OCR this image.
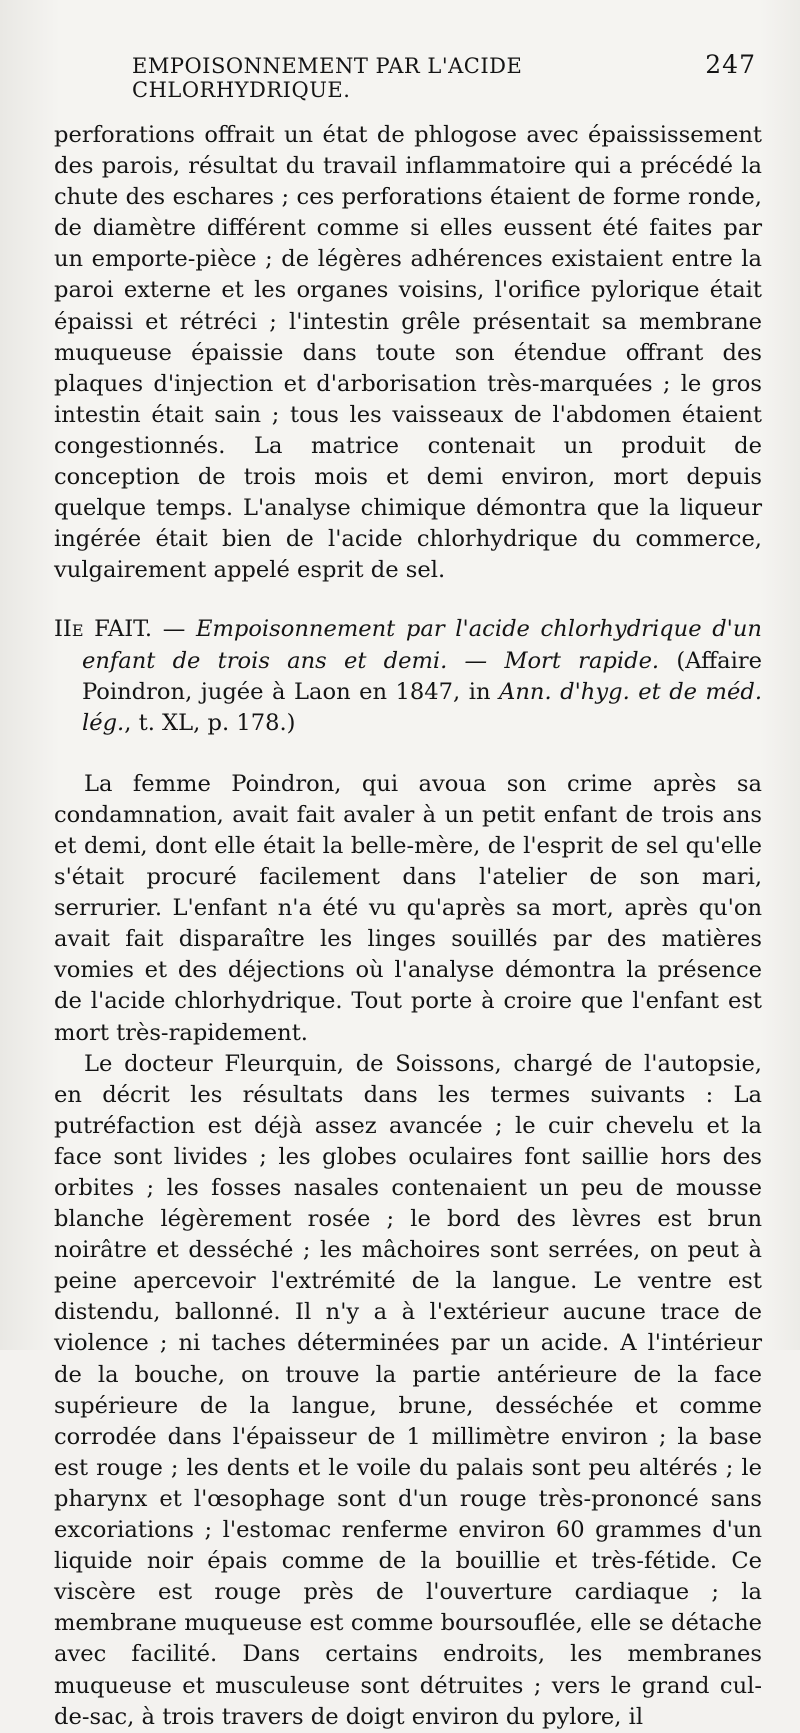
EMPOISONNEMENT PAR L'ACIDE CHLORHYDRIQUE.
247

perforations offrait un état de phlogose avec épaississement des parois, résultat du travail inflammatoire qui a précédé la chute des eschares ; ces perforations étaient de forme ronde, de diamètre différent comme si elles eussent été faites par un emporte-pièce ; de légères adhérences existaient entre la paroi externe et les organes voisins, l'orifice pylorique était épaissi et rétréci ; l'intestin grêle présentait sa membrane muqueuse épaissie dans toute son étendue offrant des plaques d'injection et d'arborisation très-marquées ; le gros intestin était sain ; tous les vaisseaux de l'abdomen étaient congestionnés. La matrice contenait un produit de conception de trois mois et demi environ, mort depuis quelque temps. L'analyse chimique démontra que la liqueur ingérée était bien de l'acide chlorhydrique du commerce, vulgairement appelé esprit de sel.

IIe FAIT. — Empoisonnement par l'acide chlorhydrique d'un enfant de trois ans et demi. — Mort rapide. (Affaire Poindron, jugée à Laon en 1847, in Ann. d'hyg. et de méd. lég., t. XL, p. 178.)

La femme Poindron, qui avoua son crime après sa condamnation, avait fait avaler à un petit enfant de trois ans et demi, dont elle était la belle-mère, de l'esprit de sel qu'elle s'était procuré facilement dans l'atelier de son mari, serrurier. L'enfant n'a été vu qu'après sa mort, après qu'on avait fait disparaître les linges souillés par des matières vomies et des déjections où l'analyse démontra la présence de l'acide chlorhydrique. Tout porte à croire que l'enfant est mort très-rapidement.

Le docteur Fleurquin, de Soissons, chargé de l'autopsie, en décrit les résultats dans les termes suivants : La putréfaction est déjà assez avancée ; le cuir chevelu et la face sont livides ; les globes oculaires font saillie hors des orbites ; les fosses nasales contenaient un peu de mousse blanche légèrement rosée ; le bord des lèvres est brun noirâtre et desséché ; les mâchoires sont serrées, on peut à peine apercevoir l'extrémité de la langue. Le ventre est distendu, ballonné. Il n'y a à l'extérieur aucune trace de violence ; ni taches déterminées par un acide. A l'intérieur de la bouche, on trouve la partie antérieure de la face supérieure de la langue, brune, desséchée et comme corrodée dans l'épaisseur de 1 millimètre environ ; la base est rouge ; les dents et le voile du palais sont peu altérés ; le pharynx et l'œsophage sont d'un rouge très-prononcé sans excoriations ; l'estomac renferme environ 60 grammes d'un liquide noir épais comme de la bouillie et très-fétide. Ce viscère est rouge près de l'ouverture cardiaque ; la membrane muqueuse est comme boursouflée, elle se détache avec facilité. Dans certains endroits, les membranes muqueuse et musculeuse sont détruites ; vers le grand cul-de-sac, à trois travers de doigt environ du pylore, il
